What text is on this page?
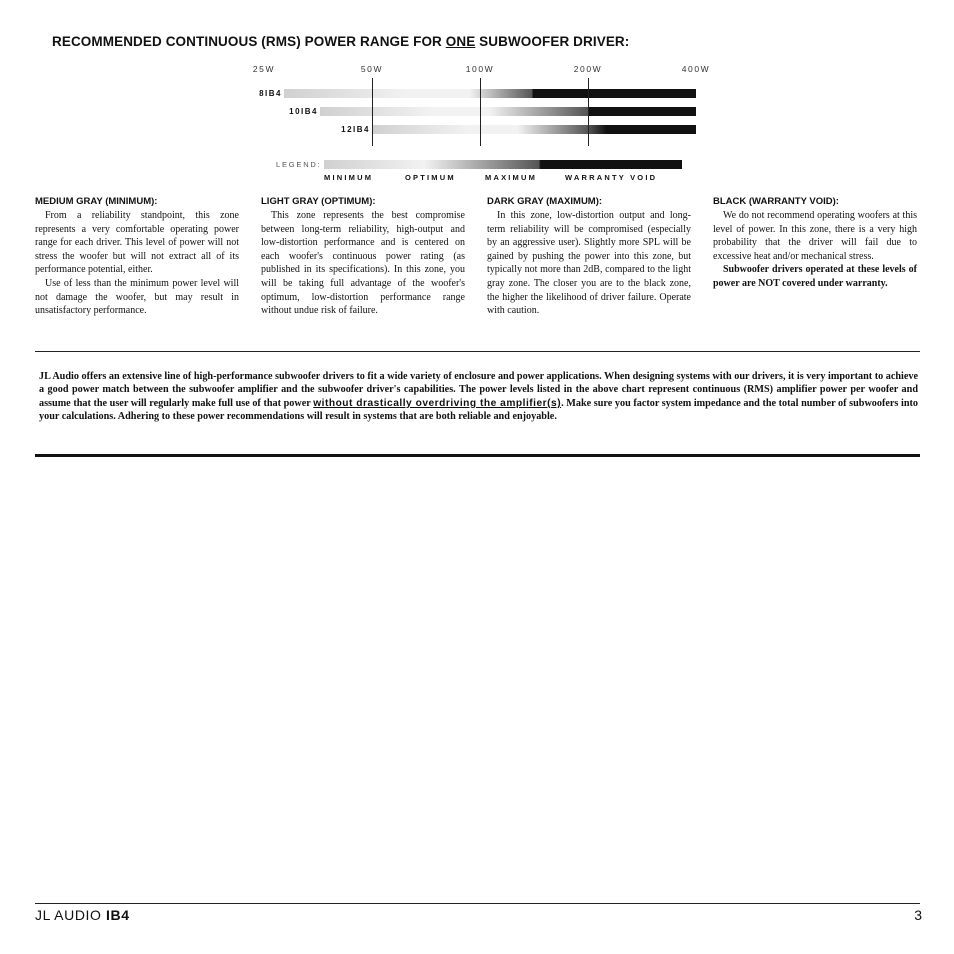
RECOMMENDED CONTINUOUS (RMS) POWER RANGE FOR ONE SUBWOOFER DRIVER:
25W	50W	100W	200W	400W
8IB4
10IB4
12IB4
LEGEND:
MINIMUM	OPTIMUM	MAXIMUM	WARRANTY VOID
MEDIUM GRAY (MINIMUM):

From a reliability standpoint, this zone represents a very comfortable operating power range for each driver. This level of power will not stress the woofer but will not extract all of its performance potential, either.

Use of less than the minimum power level will not damage the woofer, but may result in unsatisfactory performance.

LIGHT GRAY (OPTIMUM):

This zone represents the best compromise between long-term reliability, high-output and low-distortion performance and is centered on each woofer's continuous power rating (as published in its specifications). In this zone, you will be taking full advantage of the woofer's optimum, low-distortion performance range without undue risk of failure.

DARK GRAY (MAXIMUM):

In this zone, low-distortion output and long-term reliability will be compromised (especially by an aggressive user). Slightly more SPL will be gained by pushing the power into this zone, but typically not more than 2dB, compared to the light gray zone. The closer you are to the black zone, the higher the likelihood of driver failure. Operate with caution.

BLACK (WARRANTY VOID):

We do not recommend operating woofers at this level of power. In this zone, there is a very high probability that the driver will fail due to excessive heat and/or mechanical stress.

Subwoofer drivers operated at these levels of power are NOT covered under warranty.

JL Audio offers an extensive line of high-performance subwoofer drivers to fit a wide variety of enclosure and power applications. When designing systems with our drivers, it is very important to achieve a good power match between the subwoofer amplifier and the subwoofer driver's capabilities. The power levels listed in the above chart represent continuous (RMS) amplifier power per woofer and assume that the user will regularly make full use of that power without drastically overdriving the amplifier(s). Make sure you factor system impedance and the total number of subwoofers into your calculations. Adhering to these power recommendations will result in systems that are both reliable and enjoyable.

JL AUDIO IB4	3
